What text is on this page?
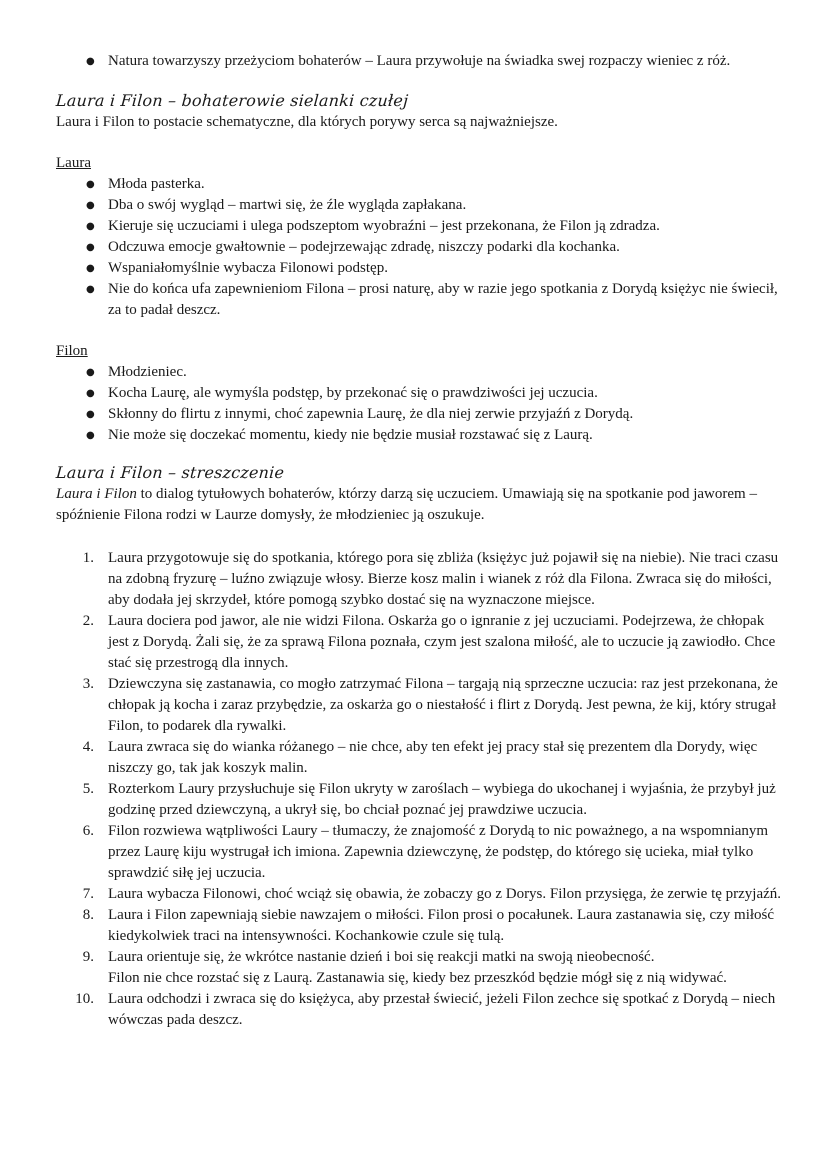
● Natura towarzyszy przeżyciom bohaterów – Laura przywołuje na świadka swej rozpaczy wieniec z róż.
Laura i Filon – bohaterowie sielanki czułej

Laura i Filon to postacie schematyczne, dla których porywy serca są najważniejsze.

Laura

● Młoda pasterka.
● Dba o swój wygląd – martwi się, że źle wygląda zapłakana.
● Kieruje się uczuciami i ulega podszeptom wyobraźni – jest przekonana, że Filon ją zdradza.
● Odczuwa emocje gwałtownie – podejrzewając zdradę, niszczy podarki dla kochanka.
● Wspaniałomyślnie wybacza Filonowi podstęp.
● Nie do końca ufa zapewnieniom Filona – prosi naturę, aby w razie jego spotkania z Dorydą księżyc nie świecił, za to padał deszcz.

Filon

● Młodzieniec.
● Kocha Laurę, ale wymyśla podstęp, by przekonać się o prawdziwości jej uczucia.
● Skłonny do flirtu z innymi, choć zapewnia Laurę, że dla niej zerwie przyjaźń z Dorydą.
● Nie może się doczekać momentu, kiedy nie będzie musiał rozstawać się z Laurą.
Laura i Filon – streszczenie

Laura i Filon to dialog tytułowych bohaterów, którzy darzą się uczuciem. Umawiają się na spotkanie pod jaworem – spóźnienie Filona rodzi w Laurze domysły, że młodzieniec ją oszukuje.

1. Laura przygotowuje się do spotkania, którego pora się zbliża (księżyc już pojawił się na niebie). Nie traci czasu na zdobną fryzurę – luźno związuje włosy. Bierze kosz malin i wianek z róż dla Filona. Zwraca się do miłości, aby dodała jej skrzydeł, które pomogą szybko dostać się na wyznaczone miejsce.
2. Laura dociera pod jawor, ale nie widzi Filona. Oskarża go o ignranie z jej uczuciami. Podejrzewa, że chłopak jest z Dorydą. Żali się, że za sprawą Filona poznała, czym jest szalona miłość, ale to uczucie ją zawiodło. Chce stać się przestrogą dla innych.
3. Dziewczyna się zastanawia, co mogło zatrzymać Filona – targają nią sprzeczne uczucia: raz jest przekonana, że chłopak ją kocha i zaraz przybędzie, za oskarża go o niestałość i flirt z Dorydą. Jest pewna, że kij, który strugał Filon, to podarek dla rywalki.
4. Laura zwraca się do wianka różanego – nie chce, aby ten efekt jej pracy stał się prezentem dla Dorydy, więc niszczy go, tak jak koszyk malin.
5. Rozterkom Laury przysłuchuje się Filon ukryty w zaroślach – wybiega do ukochanej i wyjaśnia, że przybył już godzinę przed dziewczyną, a ukrył się, bo chciał poznać jej prawdziwe uczucia.
6. Filon rozwiewa wątpliwości Laury – tłumaczy, że znajomość z Dorydą to nic poważnego, a na wspomnianym przez Laurę kiju wystrugał ich imiona. Zapewnia dziewczynę, że podstęp, do którego się ucieka, miał tylko sprawdzić siłę jej uczucia.
7. Laura wybacza Filonowi, choć wciąż się obawia, że zobaczy go z Dorys. Filon przysięga, że zerwie tę przyjaźń.
8. Laura i Filon zapewniają siebie nawzajem o miłości. Filon prosi o pocałunek. Laura zastanawia się, czy miłość kiedykolwiek traci na intensywności. Kochankowie czule się tulą.
9. Laura orientuje się, że wkrótce nastanie dzień i boi się reakcji matki na swoją nieobecność.
Filon nie chce rozstać się z Laurą. Zastanawia się, kiedy bez przeszkód będzie mógł się z nią widywać.
10. Laura odchodzi i zwraca się do księżyca, aby przestał świecić, jeżeli Filon zechce się spotkać z Dorydą – niech wówczas pada deszcz.
